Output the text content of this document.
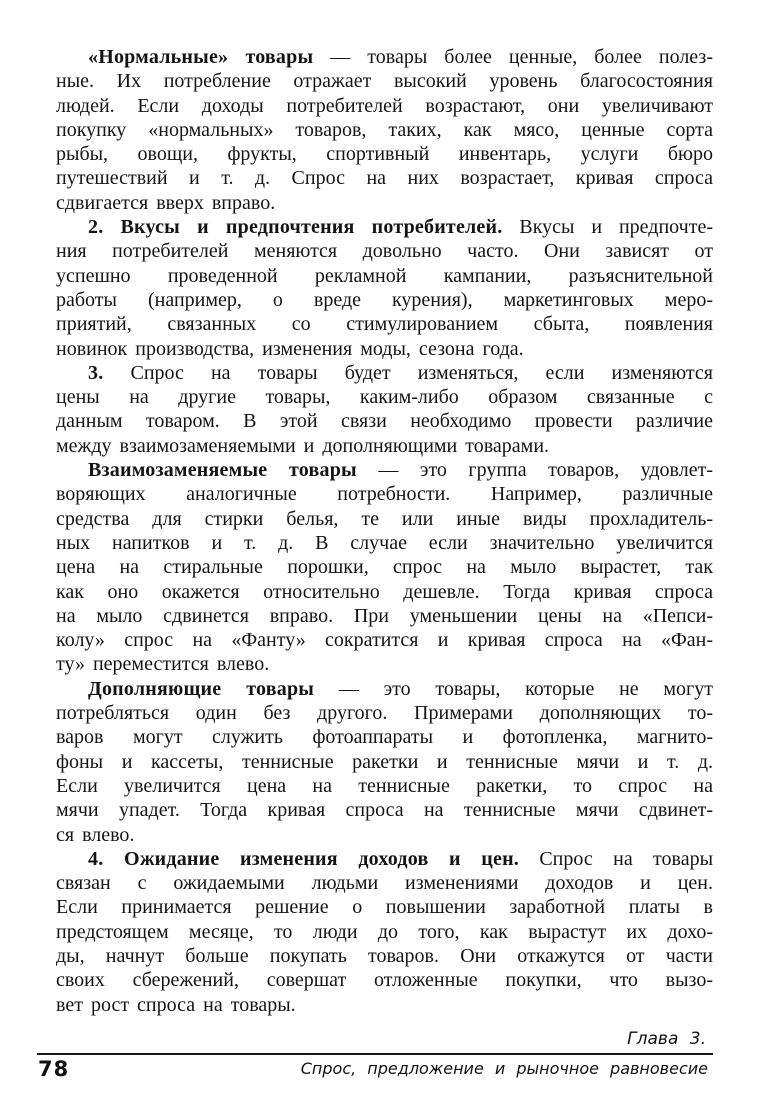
«Нормальные» товары — товары более ценные, более полез-
ные. Их потребление отражает высокий уровень благосостояния
людей. Если доходы потребителей возрастают, они увеличивают
покупку «нормальных» товаров, таких, как мясо, ценные сорта
рыбы, овощи, фрукты, спортивный инвентарь, услуги бюро
путешествий и т. д. Спрос на них возрастает, кривая спроса
сдвигается вверх вправо.
2. Вкусы и предпочтения потребителей. Вкусы и предпочте-
ния потребителей меняются довольно часто. Они зависят от
успешно проведенной рекламной кампании, разъяснительной
работы (например, о вреде курения), маркетинговых меро-
приятий, связанных со стимулированием сбыта, появления
новинок производства, изменения моды, сезона года.
3. Спрос на товары будет изменяться, если изменяются
цены на другие товары, каким-либо образом связанные с
данным товаром. В этой связи необходимо провести различие
между взаимозаменяемыми и дополняющими товарами.
Взаимозаменяемые товары — это группа товаров, удовлет-
воряющих аналогичные потребности. Например, различные
средства для стирки белья, те или иные виды прохладитель-
ных напитков и т. д. В случае если значительно увеличится
цена на стиральные порошки, спрос на мыло вырастет, так
как оно окажется относительно дешевле. Тогда кривая спроса
на мыло сдвинется вправо. При уменьшении цены на «Пепси-
колу» спрос на «Фанту» сократится и кривая спроса на «Фан-
ту» переместится влево.
Дополняющие товары — это товары, которые не могут
потребляться один без другого. Примерами дополняющих то-
варов могут служить фотоаппараты и фотопленка, магнито-
фоны и кассеты, теннисные ракетки и теннисные мячи и т. д.
Если увеличится цена на теннисные ракетки, то спрос на
мячи упадет. Тогда кривая спроса на теннисные мячи сдвинет-
ся влево.
4. Ожидание изменения доходов и цен. Спрос на товары
связан с ожидаемыми людьми изменениями доходов и цен.
Если принимается решение о повышении заработной платы в
предстоящем месяце, то люди до того, как вырастут их дохо-
ды, начнут больше покупать товаров. Они откажутся от части
своих сбережений, совершат отложенные покупки, что вызо-
вет рост спроса на товары.
Глава 3.
78	Спрос, предложение и рыночное равновесие
